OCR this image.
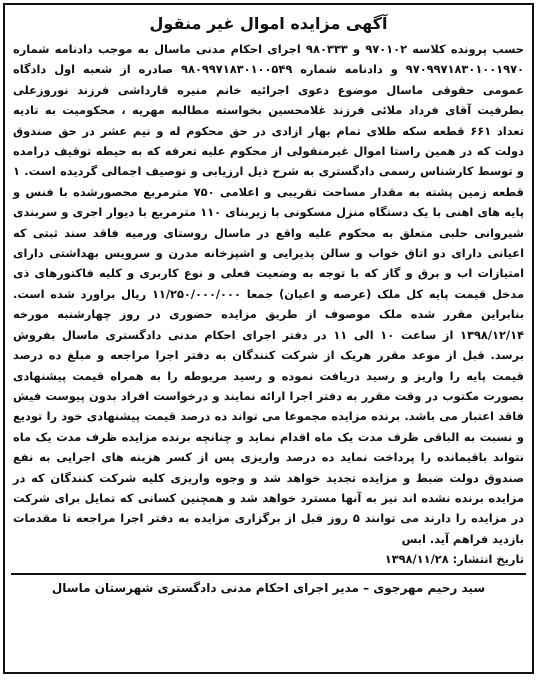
آگهی مزایده اموال غیر منقول
حسب پرونده کلاسه ۹۷۰۱۰۲ و ۹۸۰۳۳۳ اجرای احکام مدنی ماسال به موجب دادنامه شماره ۹۷۰۹۹۷۱۸۳۰۱۰۰۱۹۷۰ و دادنامه شماره ۹۸۰۹۹۷۱۸۳۰۱۰۰۵۴۹ صادره از شعبه اول دادگاه عمومی حقوقی ماسال موضوع دعوی اجرائیه خانم منیره قارداشی فرزند نوروزعلی بطرفیت آقای فرداد ملائی فرزند غلامحسین بخواسته مطالبه مهریه ، محکومیت به تادیه تعداد ۶۶۱ قطعه سکه طلای تمام بهار ازادی در حق محکوم له و نیم عشر در حق صندوق دولت که در همین راستا اموال غیرمنقولی از محکوم علیه تعرفه که به حیطه توقیف درامده و توسط کارشناس رسمی دادگستری به شرح ذیل ارزیابی و توصیف اجمالی گردیده است. ۱ قطعه زمین پشته به مقدار مساحت تقریبی و اعلامی ۷۵۰ مترمربع محصورشده با فنس و پایه های اهنی با یک دستگاه منزل مسکونی با زیربنای ۱۱۰ مترمربع با دیوار اجری و سربندی شیروانی حلبی متعلق به محکوم علیه واقع در ماسال روستای ورمیه فاقد سند ثبتی که اعیانی دارای دو اتاق خواب و سالن پذیرایی و اشپزخانه مدرن و سرویس بهداشتی دارای امتیازات اب و برق و گاز که با توجه به وضعیت فعلی و نوع کاربری و کلیه فاکتورهای ذی مدخل قیمت پایه کل ملک (عرصه و اعیان) جمعا ۱۱/۲۵۰/۰۰۰/۰۰۰ ریال براورد شده است. بنابراین مقرر شده ملک موصوف از طریق مزایده حضوری در روز چهارشنبه مورخه ۱۳۹۸/۱۲/۱۴ از ساعت ۱۰ الی ۱۱ در دفتر اجرای احکام مدنی دادگستری ماسال بفروش برسد. قبل از موعد مقرر هریک از شرکت کنندگان به دفتر اجرا مراجعه و مبلغ ده درصد قیمت پایه را واریز و رسید دریافت نموده و رسید مربوطه را به همراه قیمت پیشنهادی بصورت مکتوب در وقت مقرر به دفتر اجرا ارائه نمایند و درخواست افراد بدون پیوست فیش فاقد اعتبار می باشد. برنده مزایده مجموعا می تواند ده درصد قیمت پیشنهادی خود را تودیع و نسبت به الباقی ظرف مدت یک ماه اقدام نماید و چنانچه برنده مزایده ظرف مدت یک ماه نتواند باقیمانده را پرداخت نماید ده درصد واریزی پس از کسر هزینه های اجرایی به نفع صندوق دولت ضبط و مزایده تجدید خواهد شد و وجوه واریزی کلیه شرکت کنندگان که در مزایده برنده نشده اند نیز به آنها مسترد خواهد شد و همچنین کسانی که تمایل برای شرکت در مزایده را دارند می توانند ۵ روز قبل از برگزاری مزایده به دفتر اجرا مراجعه تا مقدمات بازدید فراهم آید. ابس
تاریخ انتشار: ۱۳۹۸/۱۱/۲۸
سید رحیم مهرجوی – مدیر اجرای احکام مدنی دادگستری شهرستان ماسال
